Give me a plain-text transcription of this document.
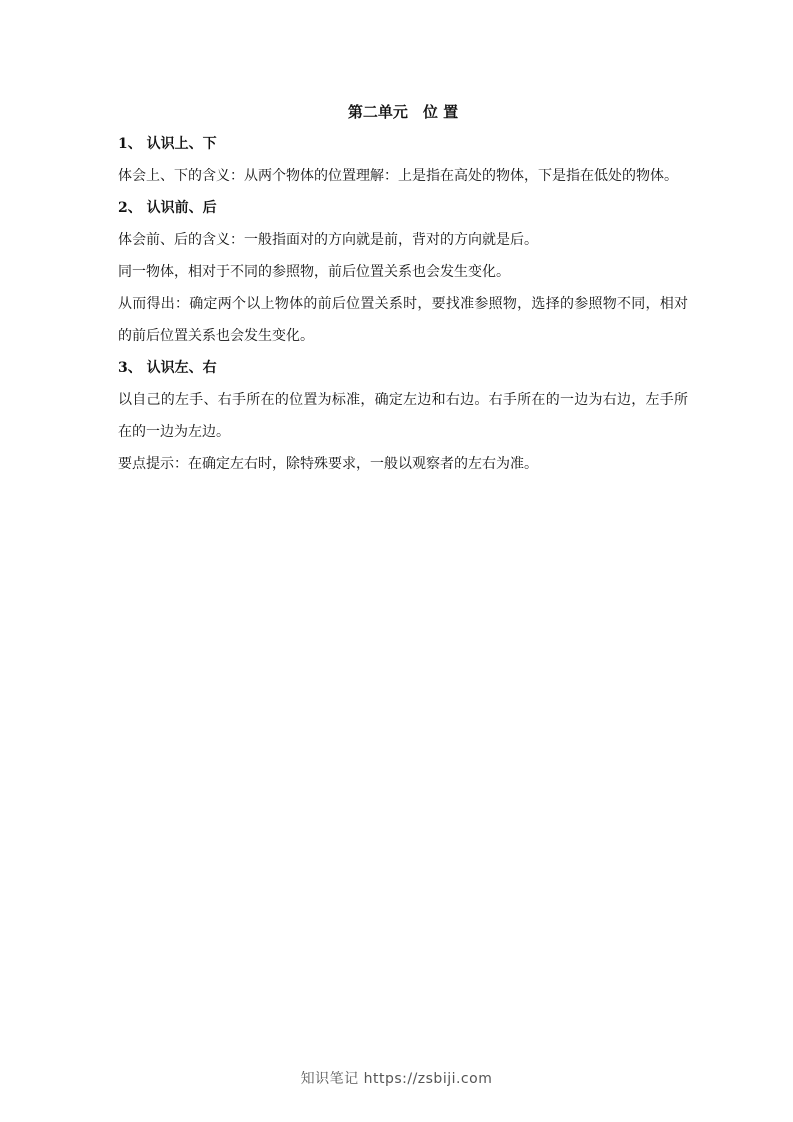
第二单元　位 置
1、 认识上、下

体会上、下的含义：从两个物体的位置理解：上是指在高处的物体，下是指在低处的物体。

2、 认识前、后

体会前、后的含义：一般指面对的方向就是前，背对的方向就是后。

同一物体，相对于不同的参照物，前后位置关系也会发生变化。

从而得出：确定两个以上物体的前后位置关系时，要找准参照物，选择的参照物不同，相对的前后位置关系也会发生变化。

3、 认识左、右

以自己的左手、右手所在的位置为标准，确定左边和右边。右手所在的一边为右边，左手所在的一边为左边。

要点提示：在确定左右时，除特殊要求，一般以观察者的左右为准。

知识笔记 https://zsbiji.com
